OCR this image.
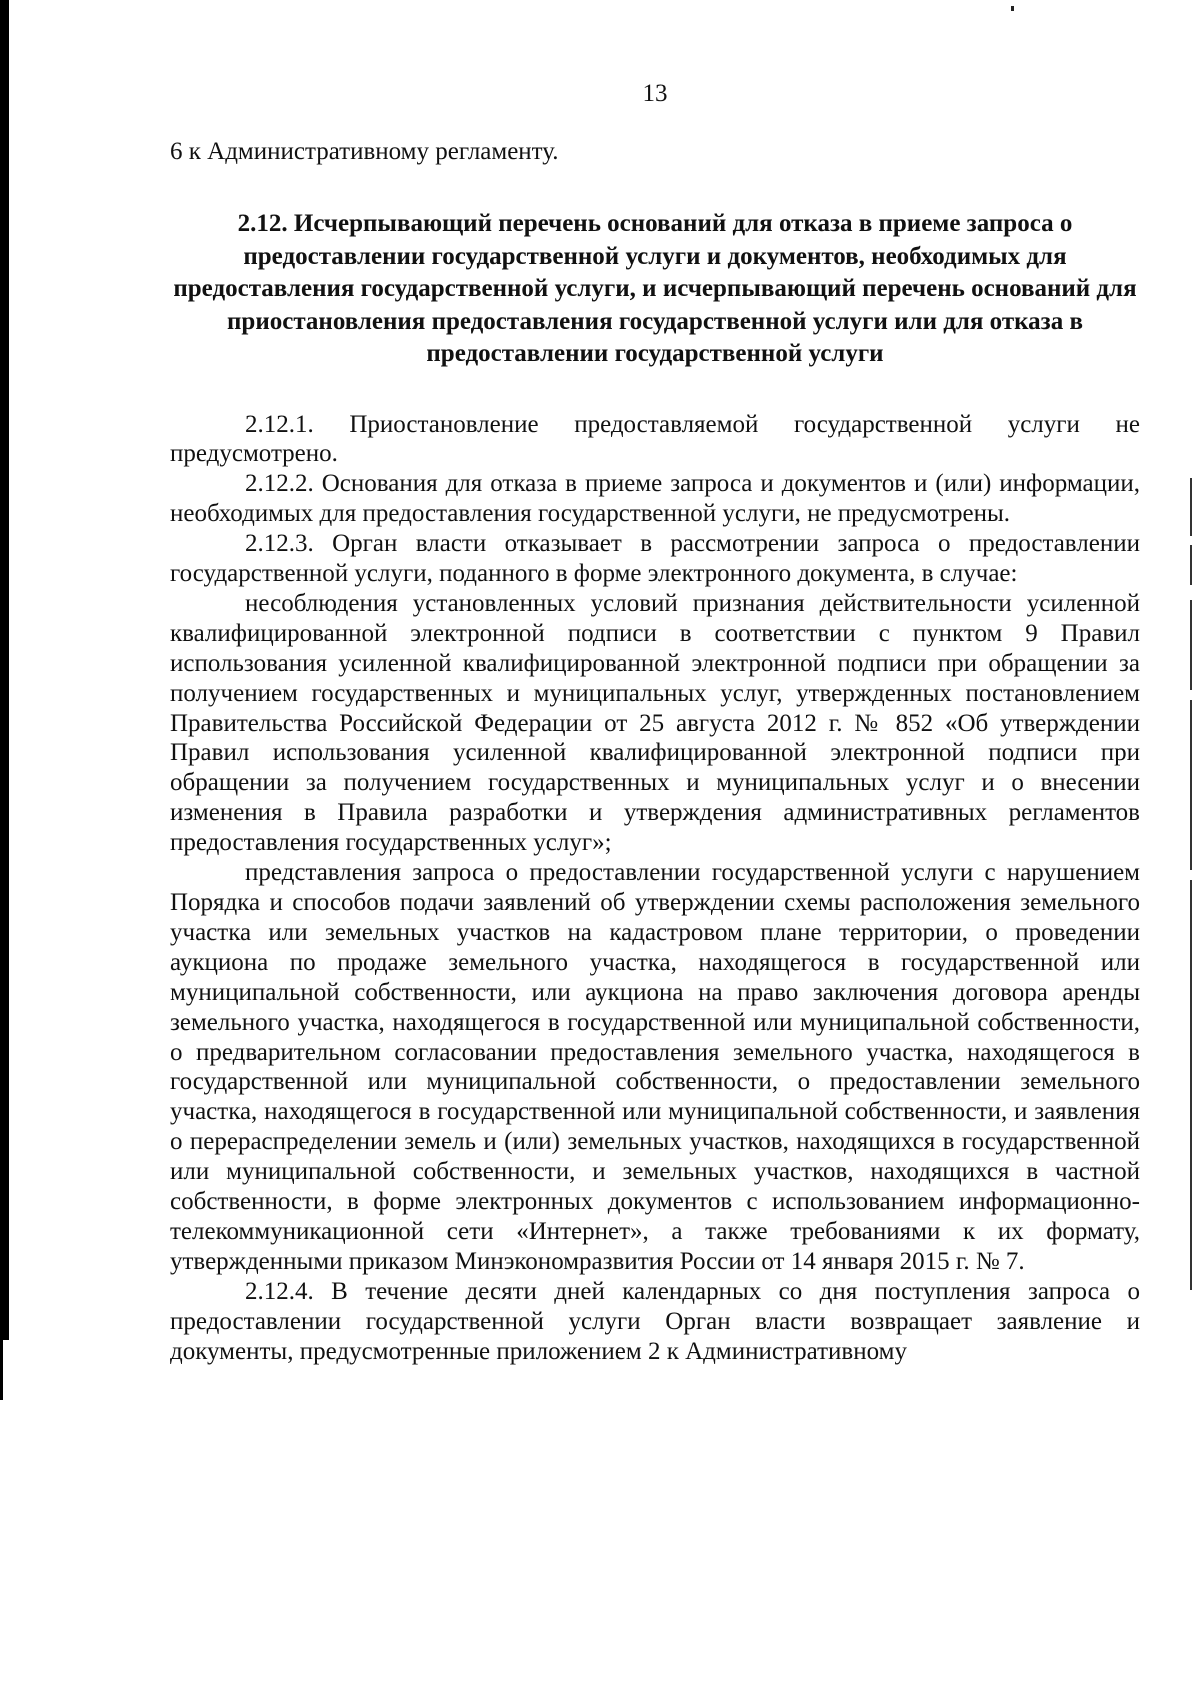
13

6 к Административному регламенту.

2.12. Исчерпывающий перечень оснований для отказа в приеме запроса о предоставлении государственной услуги и документов, необходимых для предоставления государственной услуги, и исчерпывающий перечень оснований для приостановления предоставления государственной услуги или для отказа в предоставлении государственной услуги

2.12.1. Приостановление предоставляемой государственной услуги не предусмотрено.

2.12.2. Основания для отказа в приеме запроса и документов и (или) информации, необходимых для предоставления государственной услуги, не предусмотрены.

2.12.3. Орган власти отказывает в рассмотрении запроса о предоставлении государственной услуги, поданного в форме электронного документа, в случае:

несоблюдения установленных условий признания действительности усиленной квалифицированной электронной подписи в соответствии с пунктом 9 Правил использования усиленной квалифицированной электронной подписи при обращении за получением государственных и муниципальных услуг, утвержденных постановлением Правительства Российской Федерации от 25 августа 2012 г. № 852 «Об утверждении Правил использования усиленной квалифицированной электронной подписи при обращении за получением государственных и муниципальных услуг и о внесении изменения в Правила разработки и утверждения административных регламентов предоставления государственных услуг»;

представления запроса о предоставлении государственной услуги с нарушением Порядка и способов подачи заявлений об утверждении схемы расположения земельного участка или земельных участков на кадастровом плане территории, о проведении аукциона по продаже земельного участка, находящегося в государственной или муниципальной собственности, или аукциона на право заключения договора аренды земельного участка, находящегося в государственной или муниципальной собственности, о предварительном согласовании предоставления земельного участка, находящегося в государственной или муниципальной собственности, о предоставлении земельного участка, находящегося в государственной или муниципальной собственности, и заявления о перераспределении земель и (или) земельных участков, находящихся в государственной или муниципальной собственности, и земельных участков, находящихся в частной собственности, в форме электронных документов с использованием информационно-телекоммуникационной сети «Интернет», а также требованиями к их формату, утвержденными приказом Минэкономразвития России от 14 января 2015 г. № 7.

2.12.4. В течение десяти дней календарных со дня поступления запроса о предоставлении государственной услуги Орган власти возвращает заявление и документы, предусмотренные приложением 2 к Административному
